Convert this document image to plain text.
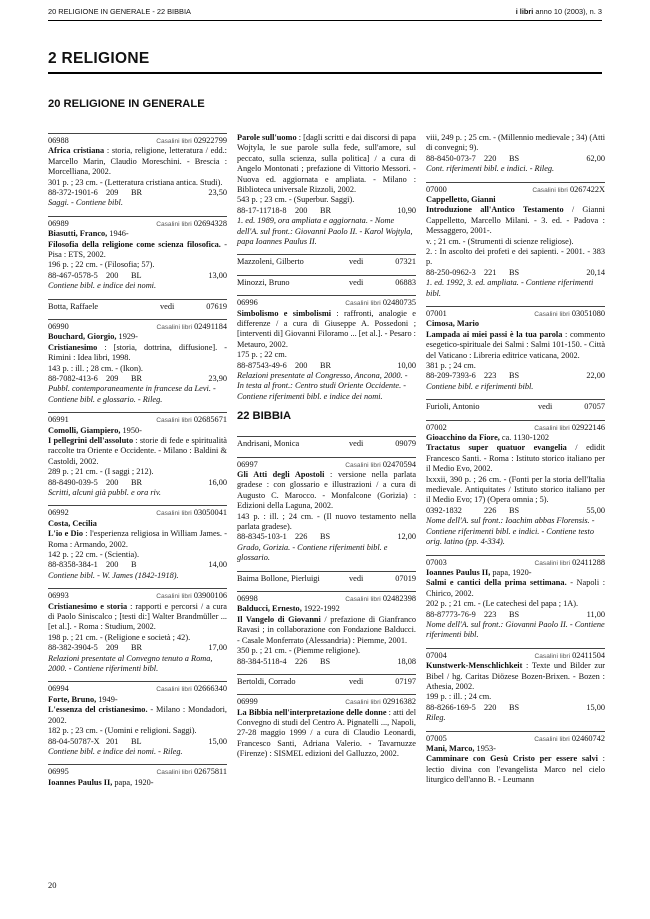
20 RELIGIONE IN GENERALE - 22 BIBBIA	i libri anno 10 (2003), n. 3
2 RELIGIONE
20 RELIGIONE IN GENERALE
06988	Casalini libri 02922799
Africa cristiana : storia, religione, letteratura / edd.: Marcello Marin, Claudio Moreschini. - Brescia : Morcelliana, 2002.
301 p. ; 23 cm. - (Letteratura cristiana antica. Studi).
88-372-1901-6 209 BR	23,50
Saggi. - Contiene bibl.
06989	Casalini libri 02694328
Biasutti, Franco, 1946-
Filosofia della religione come scienza filosofica. - Pisa : ETS, 2002.
196 p. ; 22 cm. - (Filosofia; 57).
88-467-0578-5 200 BL	13,00
Contiene bibl. e indice dei nomi.
Botta, Raffaele	vedi	07619
06990	Casalini libri 02491184
Bouchard, Giorgio, 1929-
Cristianesimo : [storia, dottrina, diffusione]. - Rimini : Idea libri, 1998.
143 p. : ill. ; 28 cm. - (Ikon).
88-7082-413-6 209 BR	23,90
Pubbl. contemporaneamente in francese da Levi. - Contiene bibl. e glossario. - Rileg.
06991	Casalini libri 02685671
Comolli, Giampiero, 1950-
I pellegrini dell'assoluto : storie di fede e spiritualità raccolte tra Oriente e Occidente. - Milano : Baldini & Castoldi, 2002.
289 p. ; 21 cm. - (I saggi ; 212).
88-8490-039-5 200 BR	16,00
Scritti, alcuni già pubbl. e ora riv.
06992	Casalini libri 03050041
Costa, Cecilia
L'io e Dio : l'esperienza religiosa in William James. - Roma : Armando, 2002.
142 p. ; 22 cm. - (Scientia).
88-8358-384-1 200 B	14,00
Contiene bibl. - W. James (1842-1918).
06993	Casalini libri 03900106
Cristianesimo e storia : rapporti e percorsi / a cura di Paolo Siniscalco ; [testi di:] Walter Brandmüller ... [et al.]. - Roma : Studium, 2002.
198 p. ; 21 cm. - (Religione e società ; 42).
88-382-3904-5 209 BR	17,00
Relazioni presentate al Convegno tenuto a Roma, 2000. - Contiene riferimenti bibl.
06994	Casalini libri 02666340
Forte, Bruno, 1949-
L'essenza del cristianesimo. - Milano : Mondadori, 2002.
182 p. ; 23 cm. - (Uomini e religioni. Saggi).
88-04-50787-X 201 BL	15,00
Contiene bibl. e indice dei nomi. - Rileg.
06995	Casalini libri 02675811
Ioannes Paulus II, papa, 1920-
Parole sull'uomo : [dagli scritti e dai discorsi di papa Wojtyla, le sue parole sulla fede, sull'amore, sul peccato, sulla scienza, sulla politica] / a cura di Angelo Montonati ; prefazione di Vittorio Messori. - Nuova ed. aggiornata e ampliata. - Milano : Biblioteca universale Rizzoli, 2002.
543 p. ; 23 cm. - (Superbur. Saggi).
88-17-11718-8 200 BR	10,90
1. ed. 1989, ora ampliata e aggiornata. - Nome dell'A. sul front.: Giovanni Paolo II. - Karol Wojtyla, papa Ioannes Paulus II.
Mazzoleni, Gilberto	vedi	07321
Minozzi, Bruno	vedi	06883
06996	Casalini libri 02480735
Simbolismo e simbolismi : raffronti, analogie e differenze / a cura di Giuseppe A. Possedoni ; [interventi di] Giovanni Filoramo ... [et al.]. - Pesaro : Metauro, 2002.
175 p. ; 22 cm.
88-87543-49-6 200 BR	10,00
Relazioni presentate al Congresso, Ancona, 2000. - In testa al front.: Centro studi Oriente Occidente. - Contiene riferimenti bibl. e indice dei nomi.
22 BIBBIA
Andrisani, Monica	vedi	09079
06997	Casalini libri 02470594
Gli Atti degli Apostoli : versione nella parlata gradese : con glossario e illustrazioni / a cura di Augusto C. Marocco. - Monfalcone (Gorizia) : Edizioni della Laguna, 2002.
143 p. : ill. ; 24 cm. - (Il nuovo testamento nella parlata gradese).
88-8345-103-1 226 BS	12,00
Grado, Gorizia. - Contiene riferimenti bibl. e glossario.
Baima Bollone, Pierluigi	vedi	07019
06998	Casalini libri 02482398
Balducci, Ernesto, 1922-1992
Il Vangelo di Giovanni / prefazione di Gianfranco Ravasi ; in collaborazione con Fondazione Balducci. - Casale Monferrato (Alessandria) : Piemme, 2001.
350 p. ; 21 cm. - (Piemme religione).
88-384-5118-4 226 BS	18,08
Bertoldi, Corrado	vedi	07197
06999	Casalini libri 02916382
La Bibbia nell'interpretazione delle donne : atti del Convegno di studi del Centro A. Pignatelli ..., Napoli, 27-28 maggio 1999 / a cura di Claudio Leonardi, Francesco Santi, Adriana Valerio. - Tavarnuzze (Firenze) : SISMEL edizioni del Galluzzo, 2002.
viii, 249 p. ; 25 cm. - (Millennio medievale ; 34) (Atti di convegni; 9).
88-8450-073-7 220 BS	62,00
Cont. riferimenti bibl. e indici. - Rileg.
07000	Casalini libri 0267422X
Cappelletto, Gianni
Introduzione all'Antico Testamento / Gianni Cappelletto, Marcello Milani. - 3. ed. - Padova : Messaggero, 2001-.
v. ; 21 cm. - (Strumenti di scienze religiose).
2. : In ascolto dei profeti e dei sapienti. - 2001. - 383 p.
88-250-0962-3 221 BS	20,14
1. ed. 1992, 3. ed. ampliata. - Contiene riferimenti bibl.
07001	Casalini libri 03051080
Cimosa, Mario
Lampada ai miei passi è la tua parola : commento esegetico-spirituale dei Salmi : Salmi 101-150. - Città del Vaticano : Libreria editrice vaticana, 2002.
381 p. ; 24 cm.
88-209-7393-6 223 BS	22,00
Contiene bibl. e riferimenti bibl.
Furioli, Antonio	vedi	07057
07002	Casalini libri 02922146
Gioacchino da Fiore, ca. 1130-1202
Tractatus super quatuor evangelia / edidit Francesco Santi. - Roma : Istituto storico italiano per il Medio Evo, 2002.
lxxxii, 390 p. ; 26 cm. - (Fonti per la storia dell'Italia medievale. Antiquitates / Istituto storico italiano per il Medio Evo; 17) (Opera omnia ; 5).
0392-1832	226 BS	55,00
Nome dell'A. sul front.: Ioachim abbas Florensis. - Contiene riferimenti bibl. e indici. - Contiene testo orig. latino (pp. 4-334).
07003	Casalini libri 02411288
Ioannes Paulus II, papa, 1920-
Salmi e cantici della prima settimana. - Napoli : Chirico, 2002.
202 p. ; 21 cm. - (Le catechesi del papa ; 1A).
88-87773-76-9 223 BS	11,00
Nome dell'A. sul front.: Giovanni Paolo II. - Contiene riferimenti bibl.
07004	Casalini libri 02411504
Kunstwerk-Menschlichkeit : Texte und Bilder zur Bibel / hg. Caritas Diözese Bozen-Brixen. - Bozen : Athesia, 2002.
199 p. : ill. ; 24 cm.
88-8266-169-5 220 BS	15,00
Rileg.
07005	Casalini libri 02460742
Mani, Marco, 1953-
Camminare con Gesù Cristo per essere salvi : lectio divina con l'evangelista Marco nel cielo liturgico dell'anno B. - Leumann
20
